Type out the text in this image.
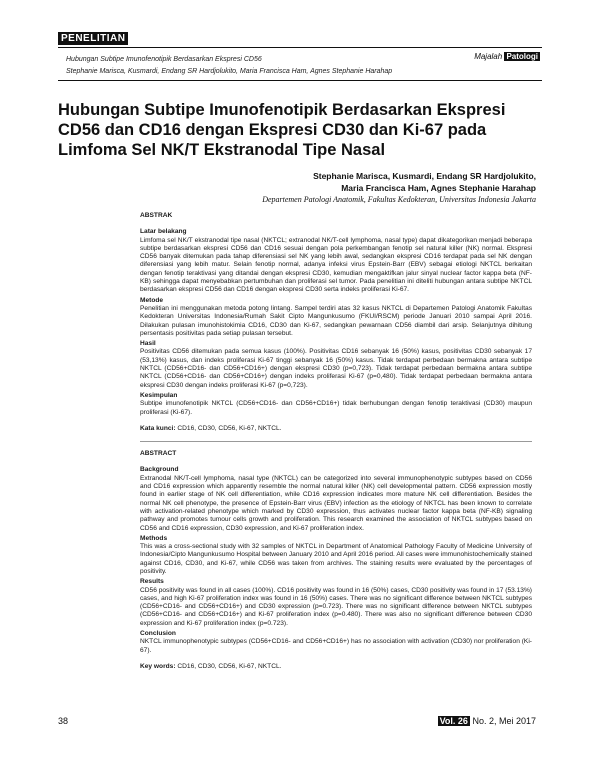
PENELITIAN
Hubungan Subtipe Imunofenotipik Berdasarkan Ekspresi CD56
Stephanie Marisca, Kusmardi, Endang SR Hardjolukito, Maria Francisca Ham, Agnes Stephanie Harahap
Majalah Patologi
Hubungan Subtipe Imunofenotipik Berdasarkan Ekspresi CD56 dan CD16 dengan Ekspresi CD30 dan Ki-67 pada Limfoma Sel NK/T Ekstranodal Tipe Nasal
Stephanie Marisca, Kusmardi, Endang SR Hardjolukito,
Maria Francisca Ham, Agnes Stephanie Harahap
Departemen Patologi Anatomik, Fakultas Kedokteran, Universitas Indonesia Jakarta
ABSTRAK
Latar belakang

Limfoma sel NK/T ekstranodal tipe nasal (NKTCL; extranodal NK/T-cell lymphoma, nasal type) dapat dikategorikan menjadi beberapa subtipe berdasarkan ekspresi CD56 dan CD16 sesuai dengan pola perkembangan fenotip sel natural killer (NK) normal. Ekspresi CD56 banyak ditemukan pada tahap diferensiasi sel NK yang lebih awal, sedangkan ekspresi CD16 terdapat pada sel NK dengan diferensiasi yang lebih matur. Selain fenotip normal, adanya infeksi virus Epstein-Barr (EBV) sebagai etiologi NKTCL berkaitan dengan fenotip teraktivasi yang ditandai dengan ekspresi CD30, kemudian mengaktifkan jalur sinyal nuclear factor kappa beta (NF-KB) sehingga dapat menyebabkan pertumbuhan dan proliferasi sel tumor. Pada penelitian ini diteliti hubungan antara subtipe NKTCL berdasarkan ekspresi CD56 dan CD16 dengan ekspresi CD30 serta indeks proliferasi Ki-67.

Metode

Penelitian ini menggunakan metoda potong lintang. Sampel terdiri atas 32 kasus NKTCL di Departemen Patologi Anatomik Fakultas Kedokteran Universitas Indonesia/Rumah Sakit Cipto Mangunkusumo (FKUI/RSCM) periode Januari 2010 sampai April 2016. Dilakukan pulasan imunohistokimia CD16, CD30 dan Ki-67, sedangkan pewarnaan CD56 diambil dari arsip. Selanjutnya dihitung persentasis positivitas pada setiap pulasan tersebut.

Hasil

Positivitas CD56 ditemukan pada semua kasus (100%). Positivitas CD16 sebanyak 16 (50%) kasus, positivitas CD30 sebanyak 17 (53,13%) kasus, dan indeks proliferasi Ki-67 tinggi sebanyak 16 (50%) kasus. Tidak terdapat perbedaan bermakna antara subtipe NKTCL (CD56+CD16- dan CD56+CD16+) dengan ekspresi CD30 (p=0,723). Tidak terdapat perbedaan bermakna antara subtipe NKTCL (CD56+CD16- dan CD56+CD16+) dengan indeks proliferasi Ki-67 (p=0,480). Tidak terdapat perbedaan bermakna antara ekspresi CD30 dengan indeks proliferasi Ki-67 (p=0,723).

Kesimpulan

Subtipe imunofenotipik NKTCL (CD56+CD16- dan CD56+CD16+) tidak berhubungan dengan fenotip teraktivasi (CD30) maupun proliferasi (Ki-67).

Kata kunci: CD16, CD30, CD56, Ki-67, NKTCL.

ABSTRACT
Background

Extranodal NK/T-cell lymphoma, nasal type (NKTCL) can be categorized into several immunophenotypic subtypes based on CD56 and CD16 expression which apparently resemble the normal natural killer (NK) cell developmental pattern. CD56 expression mostly found in earlier stage of NK cell differentiation, while CD16 expression indicates more mature NK cell differentiation. Besides the normal NK cell phenotype, the presence of Epstein-Barr virus (EBV) infection as the etiology of NKTCL has been known to correlate with activation-related phenotype which marked by CD30 expression, thus activates nuclear factor kappa beta (NF-KB) signaling pathway and promotes tumour cells growth and proliferation. This research examined the association of NKTCL subtypes based on CD56 and CD16 expression, CD30 expression, and Ki-67 proliferation index.

Methods

This was a cross-sectional study with 32 samples of NKTCL in Department of Anatomical Pathology Faculty of Medicine University of Indonesia/Cipto Mangunkusumo Hospital between January 2010 and April 2016 period. All cases were immunohistochemically stained against CD16, CD30, and Ki-67, while CD56 was taken from archives. The staining results were evaluated by the percentages of positivity.

Results

CD56 positivity was found in all cases (100%). CD16 positivity was found in 16 (50%) cases, CD30 positivity was found in 17 (53.13%) cases, and high Ki-67 proliferation index was found in 16 (50%) cases. There was no significant difference between NKTCL subtypes (CD56+CD16- and CD56+CD16+) and CD30 expression (p=0.723). There was no significant difference between NKTCL subtypes (CD56+CD16- and CD56+CD16+) and Ki-67 proliferation index (p=0.480). There was also no significant difference between CD30 expression and Ki-67 proliferation index (p=0.723).

Conclusion

NKTCL immunophenotypic subtypes (CD56+CD16- and CD56+CD16+) has no association with activation (CD30) nor proliferation (Ki-67).

Key words: CD16, CD30, CD56, Ki-67, NKTCL.

38	Vol. 26 No. 2, Mei 2017
